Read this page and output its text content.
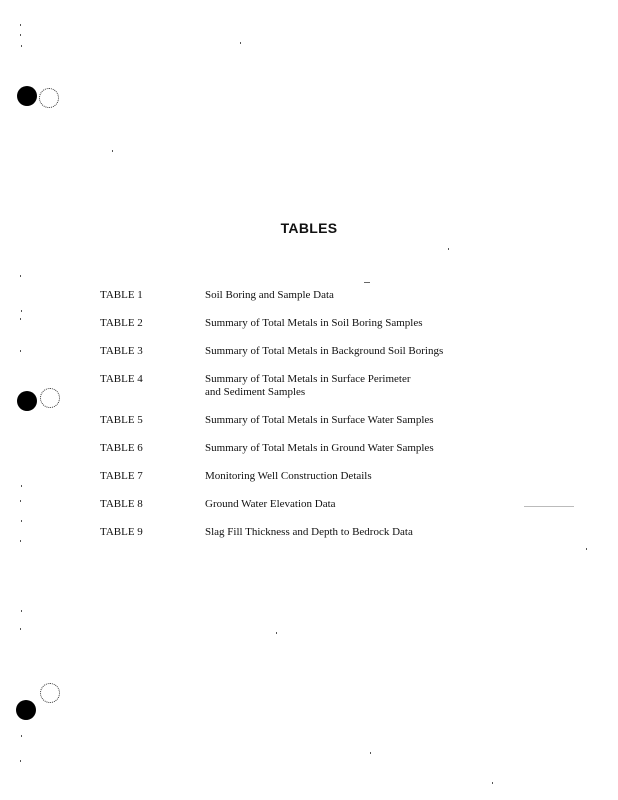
TABLES
TABLE 1	Soil Boring and Sample Data
TABLE 2	Summary of Total Metals in Soil Boring Samples
TABLE 3	Summary of Total Metals in Background Soil Borings
TABLE 4	Summary of Total Metals in Surface Perimeter
and Sediment Samples
TABLE 5	Summary of Total Metals in Surface Water Samples
TABLE 6	Summary of Total Metals in Ground Water Samples
TABLE 7	Monitoring Well Construction Details
TABLE 8	Ground Water Elevation Data
TABLE 9	Slag Fill Thickness and Depth to Bedrock Data
